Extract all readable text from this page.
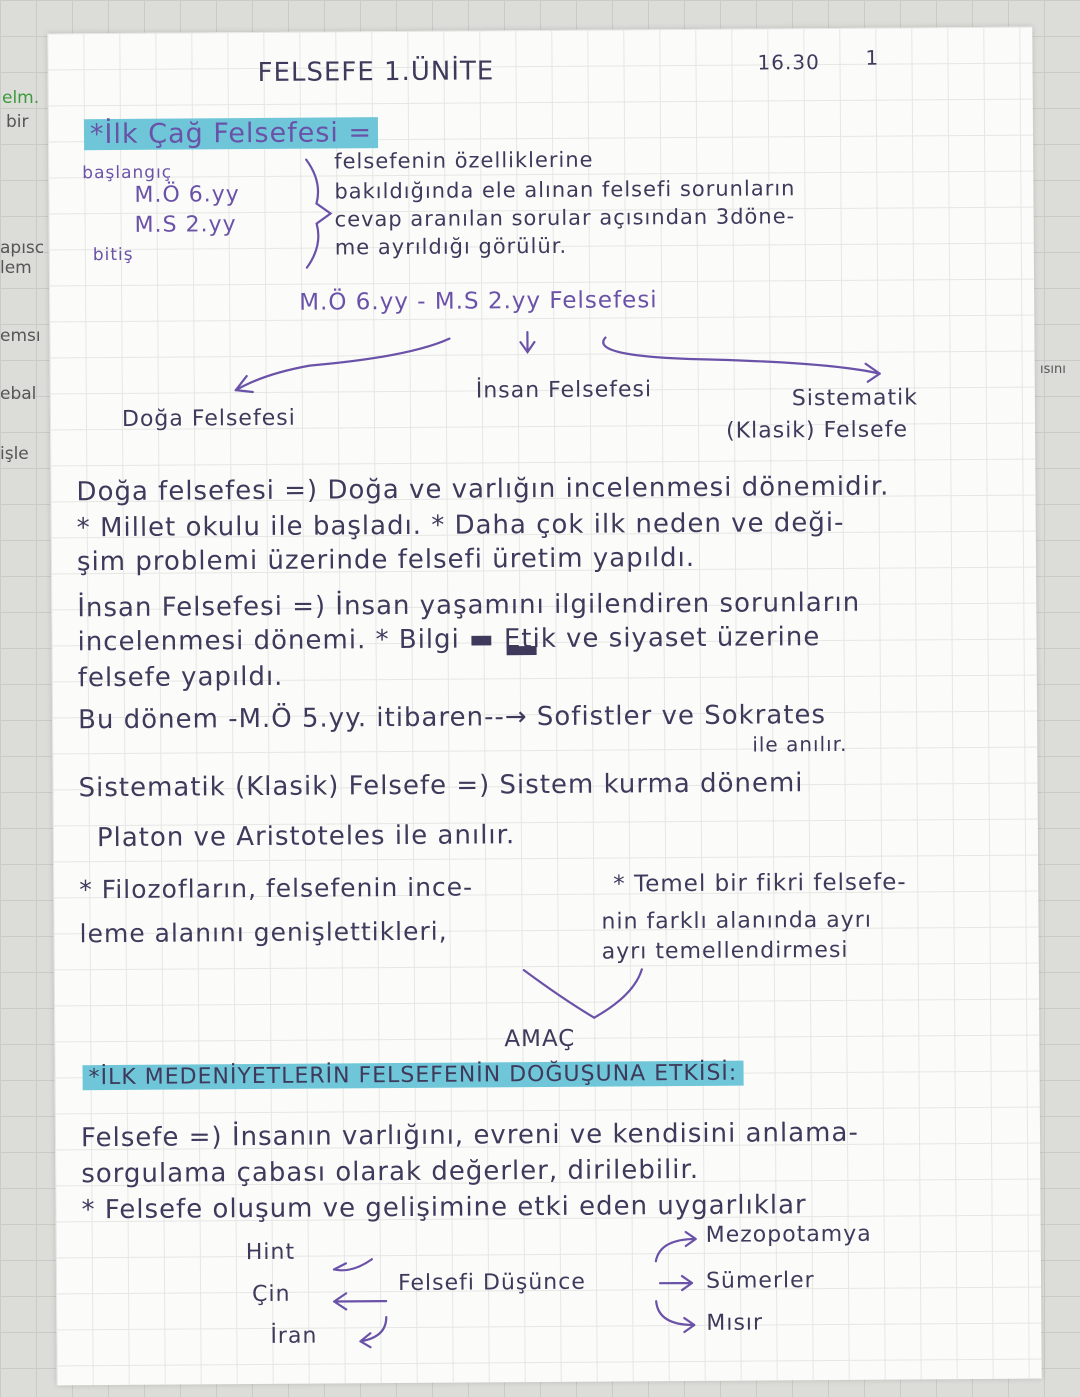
elm.
bir
apısc
lem
emsı
ebal
işle
ısını
FELSEFE 1.ÜNİTE	16.30 1
*İlk Çağ Felsefesi =
başlangıç
M.Ö 6.yy
M.S 2.yy
bitiş
felsefenin özelliklerine
bakıldığında ele alınan felsefi sorunların
cevap aranılan sorular açısından 3döne-
me ayrıldığı görülür.
M.Ö 6.yy - M.S 2.yy Felsefesi
Doğa Felsefesi
İnsan Felsefesi	Sistematik
(Klasik) Felsefe
Doğa felsefesi =) Doğa ve varlığın incelenmesi dönemidir.
* Millet okulu ile başladı. * Daha çok ilk neden ve deği-
şim problemi üzerinde felsefi üretim yapıldı.
İnsan Felsefesi =) İnsan yaşamını ilgilendiren sorunların
incelenmesi dönemi. * Bilgi ▬ Etik ve siyaset üzerine
felsefe yapıldı.
Bu dönem -M.Ö 5.yy. itibaren--→ Sofistler ve Sokrates
ile anılır.
Sistematik (Klasik) Felsefe =) Sistem kurma dönemi
Platon ve Aristoteles ile anılır.
* Filozofların, felsefenin ince-
leme alanını genişlettikleri,
* Temel bir fikri felsefe-
nin farklı alanında ayrı
ayrı temellendirmesi
AMAÇ
*İLK MEDENİYETLERİN FELSEFENİN DOĞUŞUNA ETKİSİ:
Felsefe =) İnsanın varlığını, evreni ve kendisini anlama-
sorgulama çabası olarak değerler, dirilebilir.
* Felsefe oluşum ve gelişimine etki eden uygarlıklar
Hint
Çin
İran
Felsefi Düşünce
Mezopotamya
Sümerler
Mısır
